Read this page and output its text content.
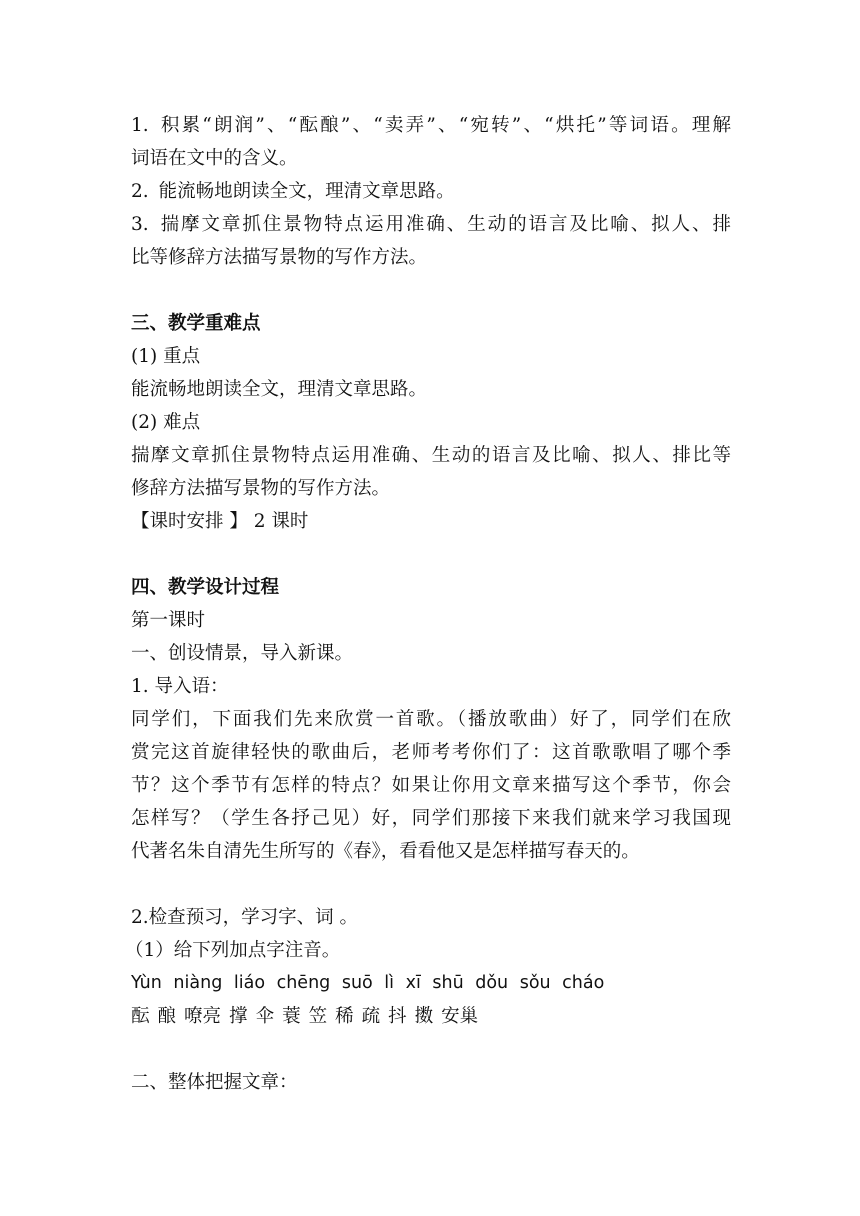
1. 积累“朗润”、“酝酿”、“卖弄”、“宛转”、“烘托”等词语。理解
词语在文中的含义。
2. 能流畅地朗读全文，理清文章思路。
3. 揣摩文章抓住景物特点运用准确、生动的语言及比喻、拟人、排
比等修辞方法描写景物的写作方法。
三、教学重难点
(1) 重点
能流畅地朗读全文，理清文章思路。
(2) 难点
揣摩文章抓住景物特点运用准确、生动的语言及比喻、拟人、排比等
修辞方法描写景物的写作方法。
【课时安排 】 2 课时
四、教学设计过程
第一课时
一、创设情景，导入新课。
1. 导入语：
同学们，下面我们先来欣赏一首歌。（播放歌曲）好了，同学们在欣
赏完这首旋律轻快的歌曲后，老师考考你们了：这首歌歌唱了哪个季
节？这个季节有怎样的特点？如果让你用文章来描写这个季节，你会
怎样写？（学生各抒己见）好，同学们那接下来我们就来学习我国现
代著名朱自清先生所写的《春》，看看他又是怎样描写春天的。
2.检查预习，学习字、词 。
（1）给下列加点字注音。
Yùn niàng liáo chēng suō lì xī shū dǒu sǒu cháo
酝 酿 嘹亮 撑 伞 蓑 笠 稀 疏 抖 擞 安巢
二、整体把握文章：
